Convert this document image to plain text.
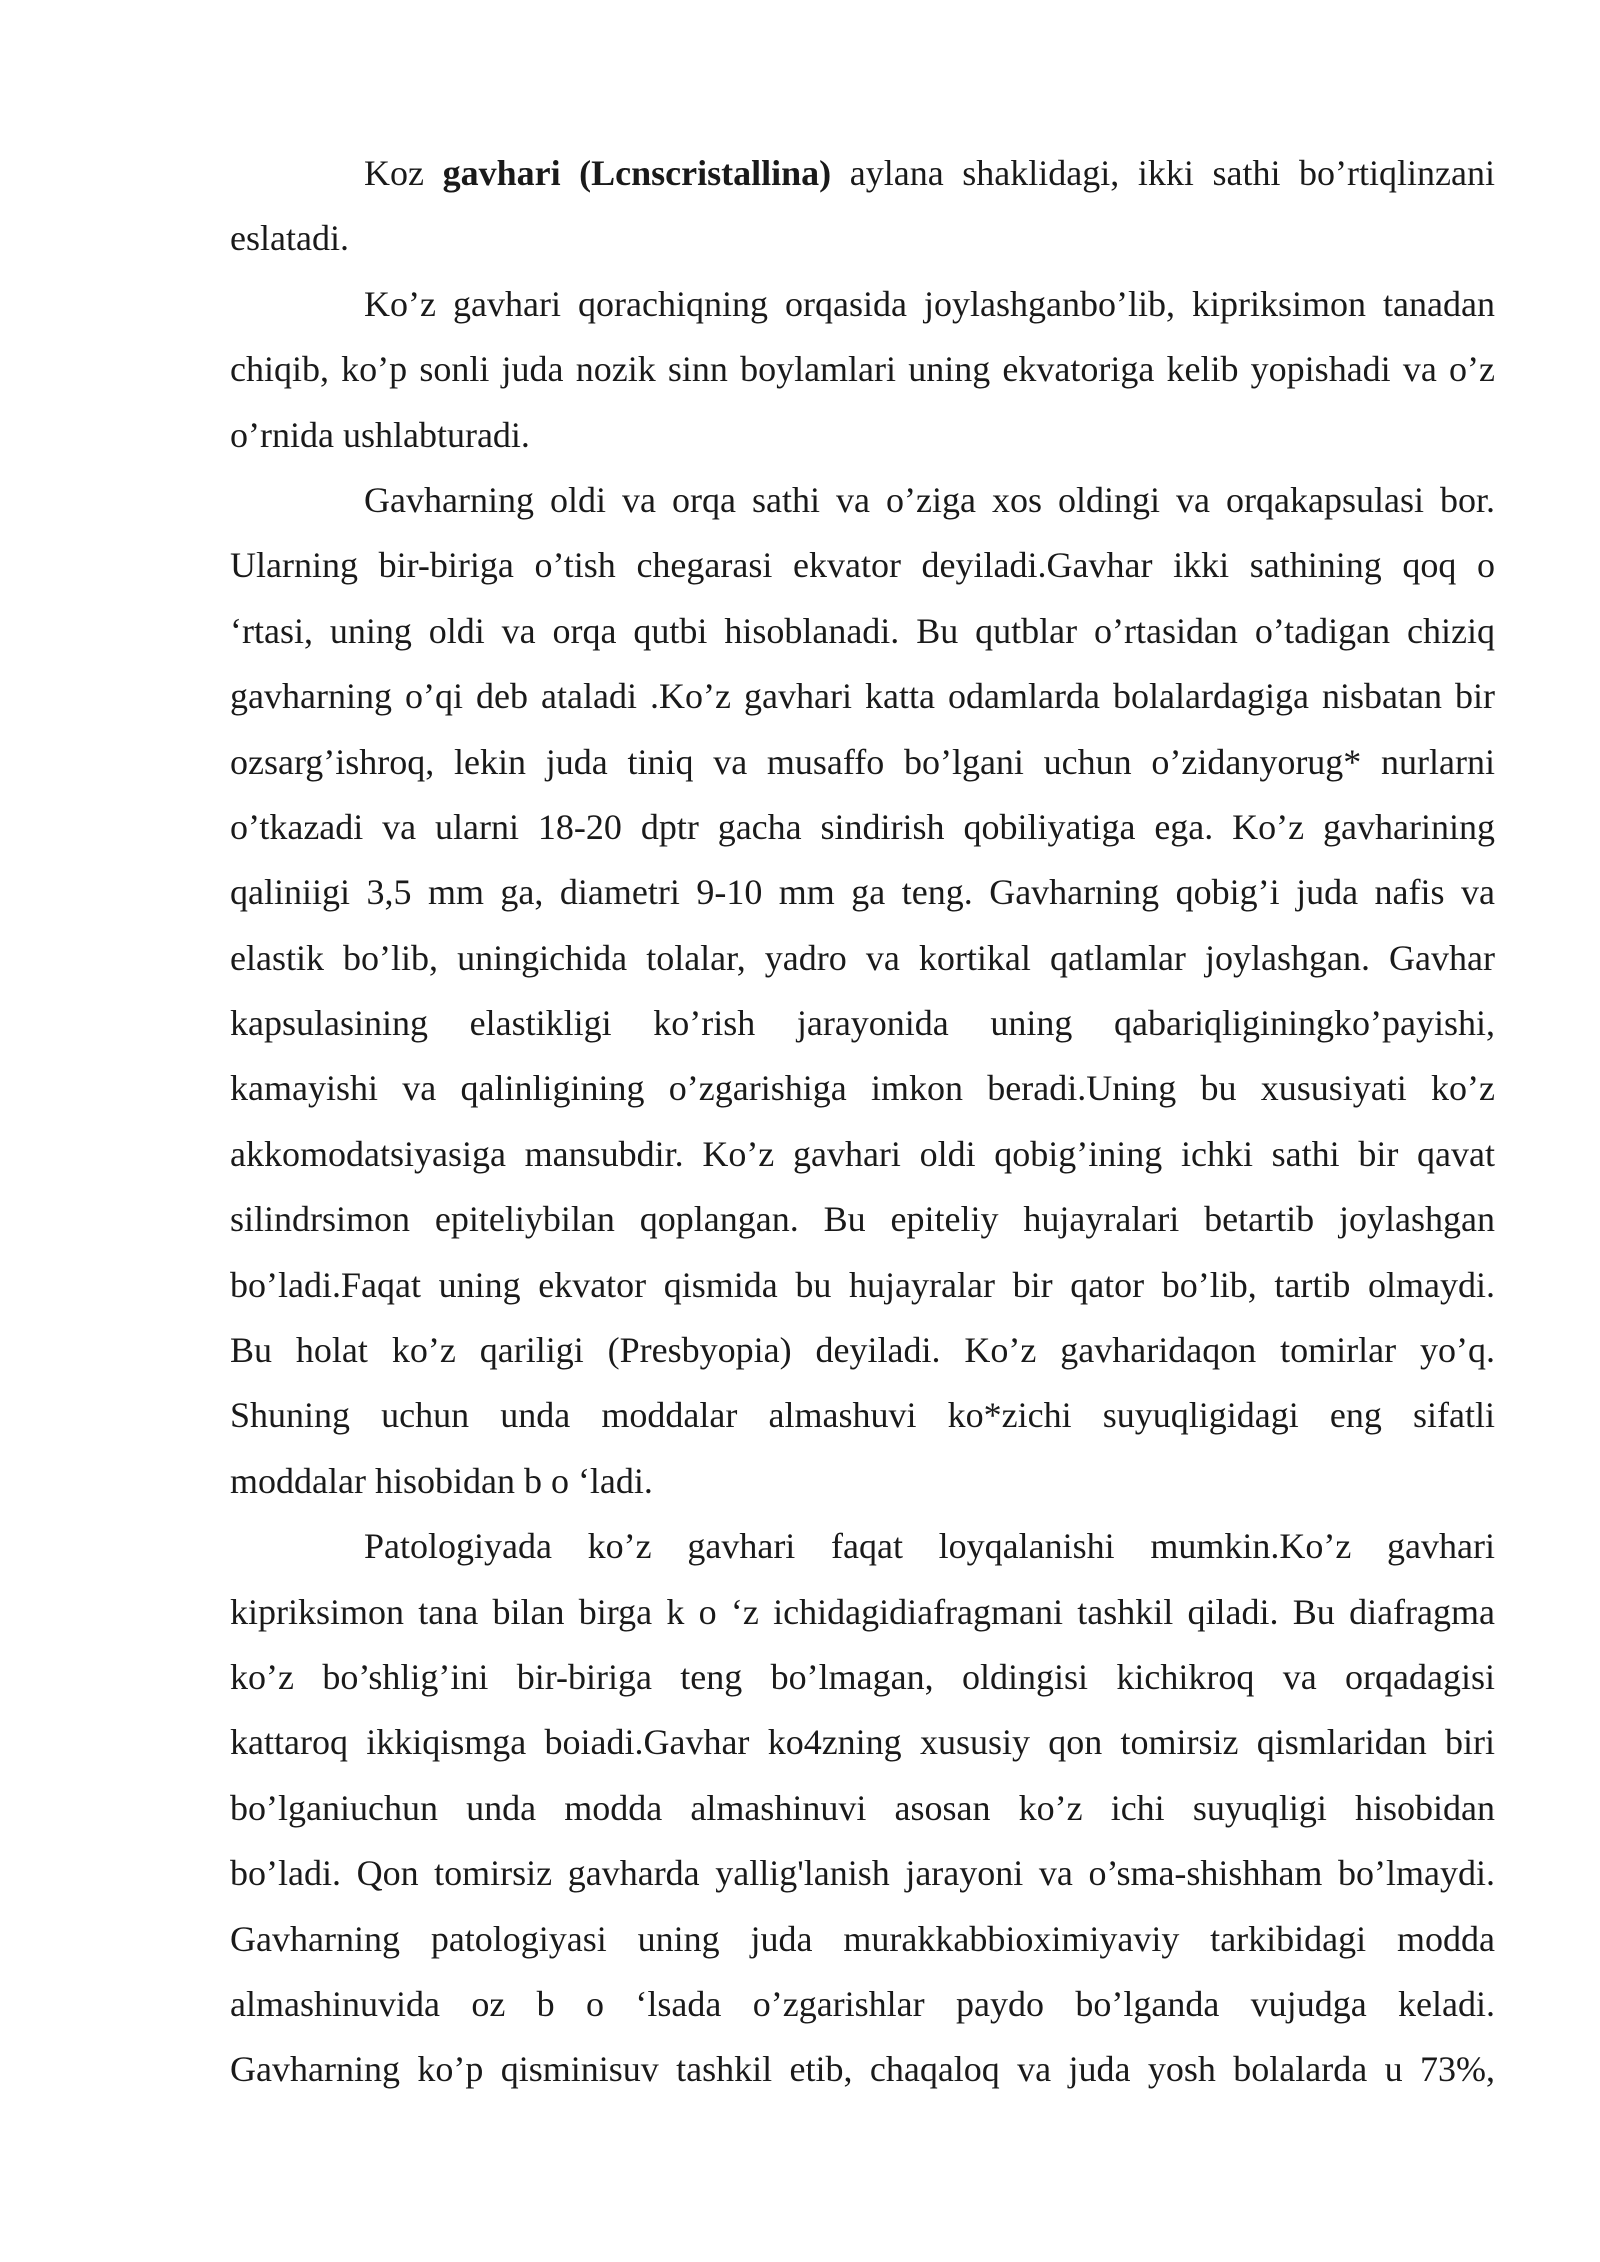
Koz gavhari (Lcnscristallina) aylana shaklidagi, ikki sathi bo’rtiqlinzani
eslatadi.
Ko’z gavhari qorachiqning orqasida joylashganbo’lib, kipriksimon tanadan
chiqib, ko’p sonli juda nozik sinn boylamlari uning ekvatoriga kelib yopishadi va o’z
o’rnida ushlabturadi.
Gavharning oldi va orqa sathi va o’ziga xos oldingi va orqakapsulasi bor.
Ularning bir-biriga o’tish chegarasi ekvator deyiladi.Gavhar ikki sathining qoq o
‘rtasi, uning oldi va orqa qutbi hisoblanadi. Bu qutblar o’rtasidan o’tadigan chiziq
gavharning o’qi deb ataladi .Ko’z gavhari katta odamlarda bolalardagiga nisbatan bir
ozsarg’ishroq, lekin juda tiniq va musaffo bo’lgani uchun o’zidanyorug* nurlarni
o’tkazadi va ularni 18-20 dptr gacha sindirish qobiliyatiga ega. Ko’z gavharining
qaliniigi 3,5 mm ga, diametri 9-10 mm ga teng. Gavharning qobig’i juda nafis va
elastik bo’lib, uningichida tolalar, yadro va kortikal qatlamlar joylashgan. Gavhar
kapsulasining elastikligi ko’rish jarayonida uning qabariqliginingko’payishi,
kamayishi va qalinligining o’zgarishiga imkon beradi.Uning bu xususiyati ko’z
akkomodatsiyasiga mansubdir. Ko’z gavhari oldi qobig’ining ichki sathi bir qavat
silindrsimon epiteliybilan qoplangan. Bu epiteliy hujayralari betartib joylashgan
bo’ladi.Faqat uning ekvator qismida bu hujayralar bir qator bo’lib, tartib olmaydi.
Bu holat ko’z qariligi (Presbyopia) deyiladi. Ko’z gavharidaqon tomirlar yo’q.
Shuning uchun unda moddalar almashuvi ko*zichi suyuqligidagi eng sifatli
moddalar hisobidan b o ‘ladi.
Patologiyada ko’z gavhari faqat loyqalanishi mumkin.Ko’z gavhari
kipriksimon tana bilan birga k o ‘z ichidagidiafragmani tashkil qiladi. Bu diafragma
ko’z bo’shlig’ini bir-biriga teng bo’lmagan, oldingisi kichikroq va orqadagisi
kattaroq ikkiqismga boiadi.Gavhar ko4zning xususiy qon tomirsiz qismlaridan biri
bo’lganiuchun unda modda almashinuvi asosan ko’z ichi suyuqligi hisobidan
bo’ladi. Qon tomirsiz gavharda yallig'lanish jarayoni va o’sma-shishham bo’lmaydi.
Gavharning patologiyasi uning juda murakkabbioximiyaviy tarkibidagi modda
almashinuvida oz b o ‘lsada o’zgarishlar paydo bo’lganda vujudga keladi.
Gavharning ko’p qisminisuv tashkil etib, chaqaloq va juda yosh bolalarda u 73%,
